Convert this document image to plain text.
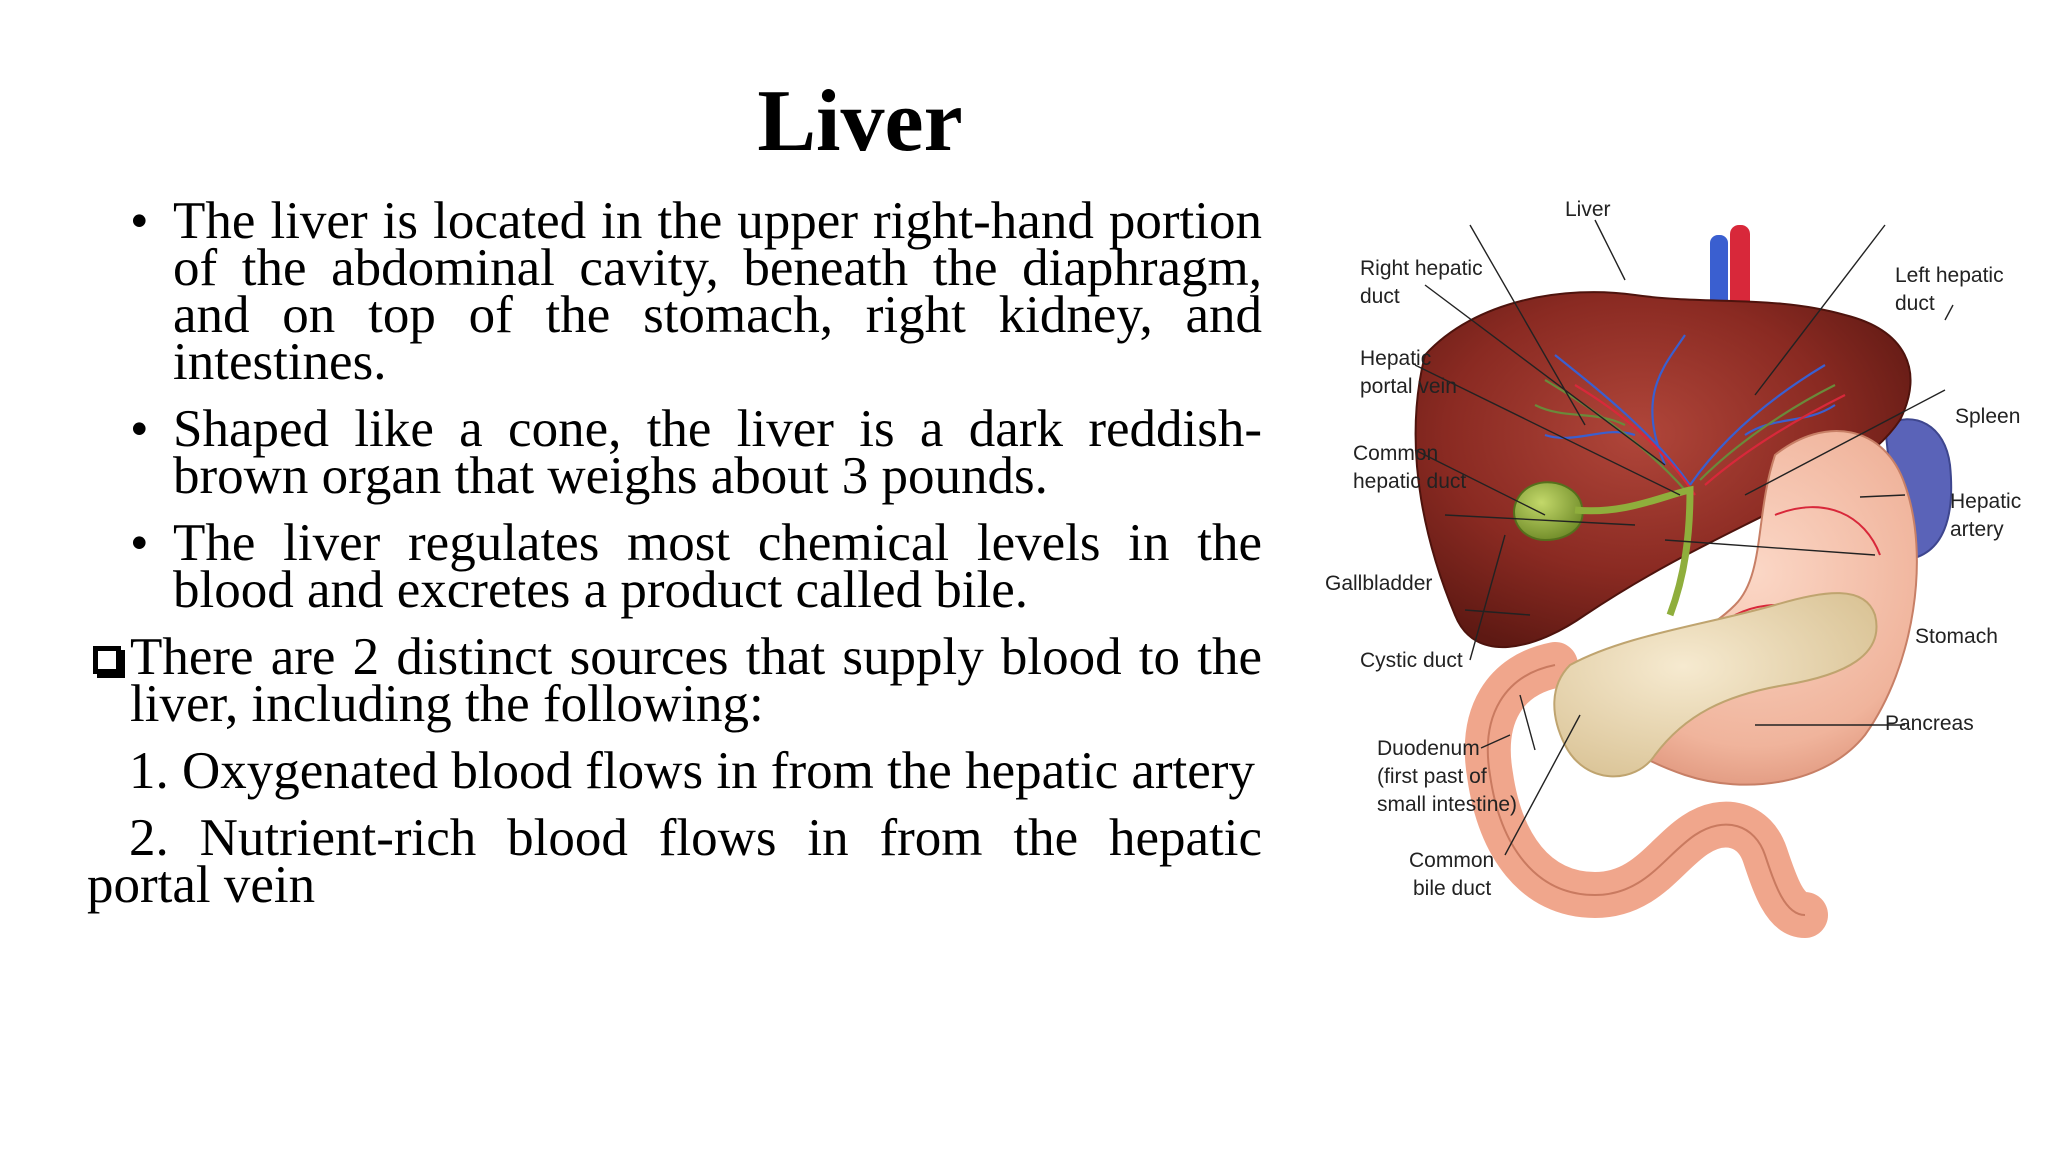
Liver
• The liver is located in the upper right-hand portion of the abdominal cavity, beneath the diaphragm, and on top of the stomach, right kidney, and intestines.
• Shaped like a cone, the liver is a dark reddish-brown organ that weighs about 3 pounds.
• The liver regulates most chemical levels in the blood and excretes a product called bile.
There are 2 distinct sources that supply blood to the liver, including the following:
1. Oxygenated blood flows in from the hepatic artery
2. Nutrient-rich blood flows in from the hepatic portal vein
Liver
Right hepatic
duct
Left hepatic
duct
Hepatic
portal vein
Spleen
Common
hepatic duct
Hepatic
artery
Gallbladder
Stomach
Cystic duct
Pancreas
Duodenum
(first past of
small intestine)
Common
bile duct
